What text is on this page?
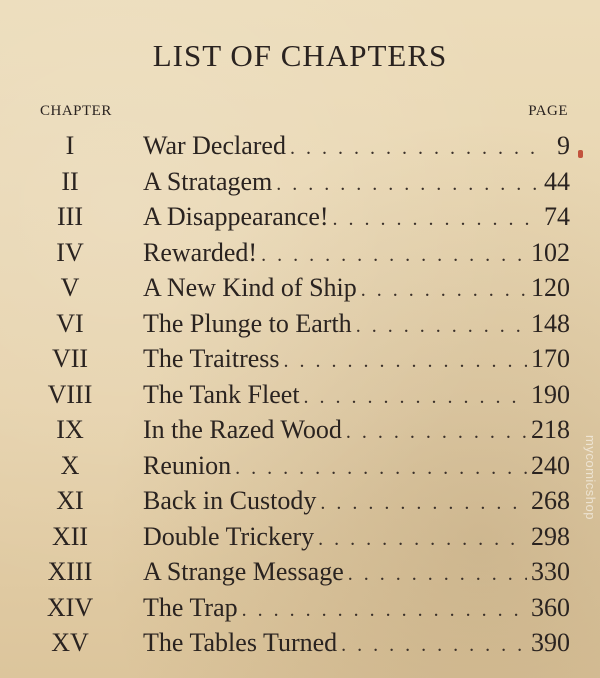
LIST OF CHAPTERS
CHAPTER	PAGE
I	War Declared . . .	9
II	A Stratagem . . .	44
III	A Disappearance! . . .	74
IV	Rewarded! . . .	102
V	A New Kind of Ship . . .	120
VI	The Plunge to Earth . . .	148
VII	The Traitress . . .	170
VIII The Tank Fleet . . .	190
IX	In the Razed Wood . . .	218
X	Reunion . . .	240
XI	Back in Custody . . .	268
XII	Double Trickery . . .	298
XIII A Strange Message . . .	330
XIV The Trap . . .	360
XV	The Tables Turned . . .	390
mycomicshop
